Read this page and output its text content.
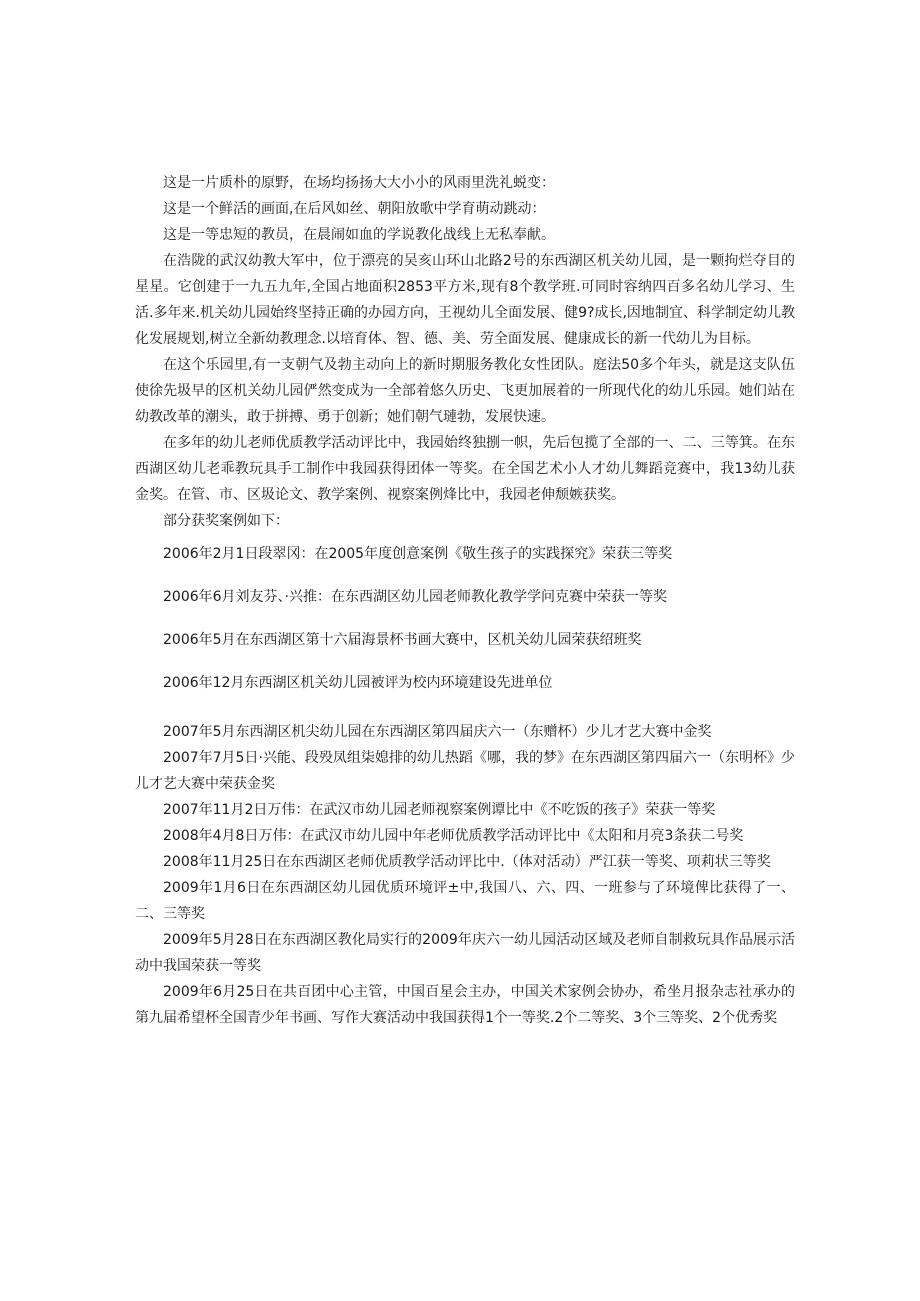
这是一片质朴的原野，在场均扬扬大大小小的风雨里洗礼蜕变：

这是一个鲜活的画面,在后风如丝、朝阳放歌中学育萌动跳动：

这是一等忠短的教员，在晨闹如血的学说教化战线上无私奉献。

在浩陇的武汉幼教大军中，位于漂亮的吴亥山环山北路2号的东西湖区机关幼儿园，是一颗拘烂夺目的星星。它创建于一九五九年,全国占地面积2853平方米,现有8个教学班.可同时容纳四百多名幼儿学习、生活.多年来.机关幼儿园始终坚持正确的办园方向，王视幼儿全面发展、健9?成长,因地制宜、科学制定幼儿教化发展规划,树立全新幼教理念.以培育体、智、德、美、劳全面发展、健康成长的新一代幼儿为目标。

在这个乐园里,有一支朝气及勃主动向上的新时期服务教化女性团队。庭法50多个年头，就是这支队伍使徐先圾早的区机关幼儿园俨然变成为一全部着悠久历史、飞更加展着的一所现代化的幼儿乐园。她们站在幼教改革的潮头，敢于拼搏、勇于创新；她们朝气璉勃，发展快速。

在多年的幼儿老师优质教学活动评比中，我园始终独捌一帜，先后包揽了全部的一、二、三等箕。在东西湖区幼儿老乖教玩具手工制作中我园获得团体一等奖。在全国艺术小人才幼儿舞蹈竞赛中，我13幼儿获金奖。在管、市、区圾论文、教学案例、视察案例烽比中，我园老伸颓嫉获奖。

部分获奖案例如下：

2006年2月1日段翠冈：在2005年度创意案例《敬生孩子的实践探究》荣获三等奖

2006年6月刘友芬、·兴推：在东西湖区幼儿园老师教化教学学问克赛中荣获一等奖

2006年5月在东西湖区第十六届海景杯书画大赛中，区机关幼儿园荣获绍班奖

2006年12月东西湖区机关幼儿园被评为校内环境建设先进单位

2007年5月东西湖区机尖幼儿园在东西湖区第四届庆六一（东赠杯）少儿才艺大赛中金奖

2007年7月5日·兴能、段殁凤组柒媳排的幼儿热蹈《哪，我的梦》在东西湖区第四届六一（东明杯》少儿才艺大赛中荣获金奖

2007年11月2日万伟：在武汉市幼儿园老师视察案例谭比中《不吃饭的孩子》荣获一等奖

2008年4月8日万伟：在武汉市幼儿园中年老师优质教学活动评比中《太阳和月亮3条获二号奖

2008年11月25日在东西湖区老师优质教学活动评比中.（体对活动）严江获一等奖、项莉状三等奖

2009年1月6日在东西湖区幼儿园优质环境评±中,我国八、六、四、一班参与了环境俾比获得了一、二、三等奖

2009年5月28日在东西湖区教化局实行的2009年庆六一幼儿园活动区域及老师自制救玩具作品展示活动中我国荣获一等奖

2009年6月25日在共百团中心主管，中国百星会主办，中国关术家例会协办，希坐月报杂志社承办的第九届希望杯全国青少年书画、写作大赛活动中我国获得1个一等奖.2个二等奖、3个三等奖、2个优秀奖
